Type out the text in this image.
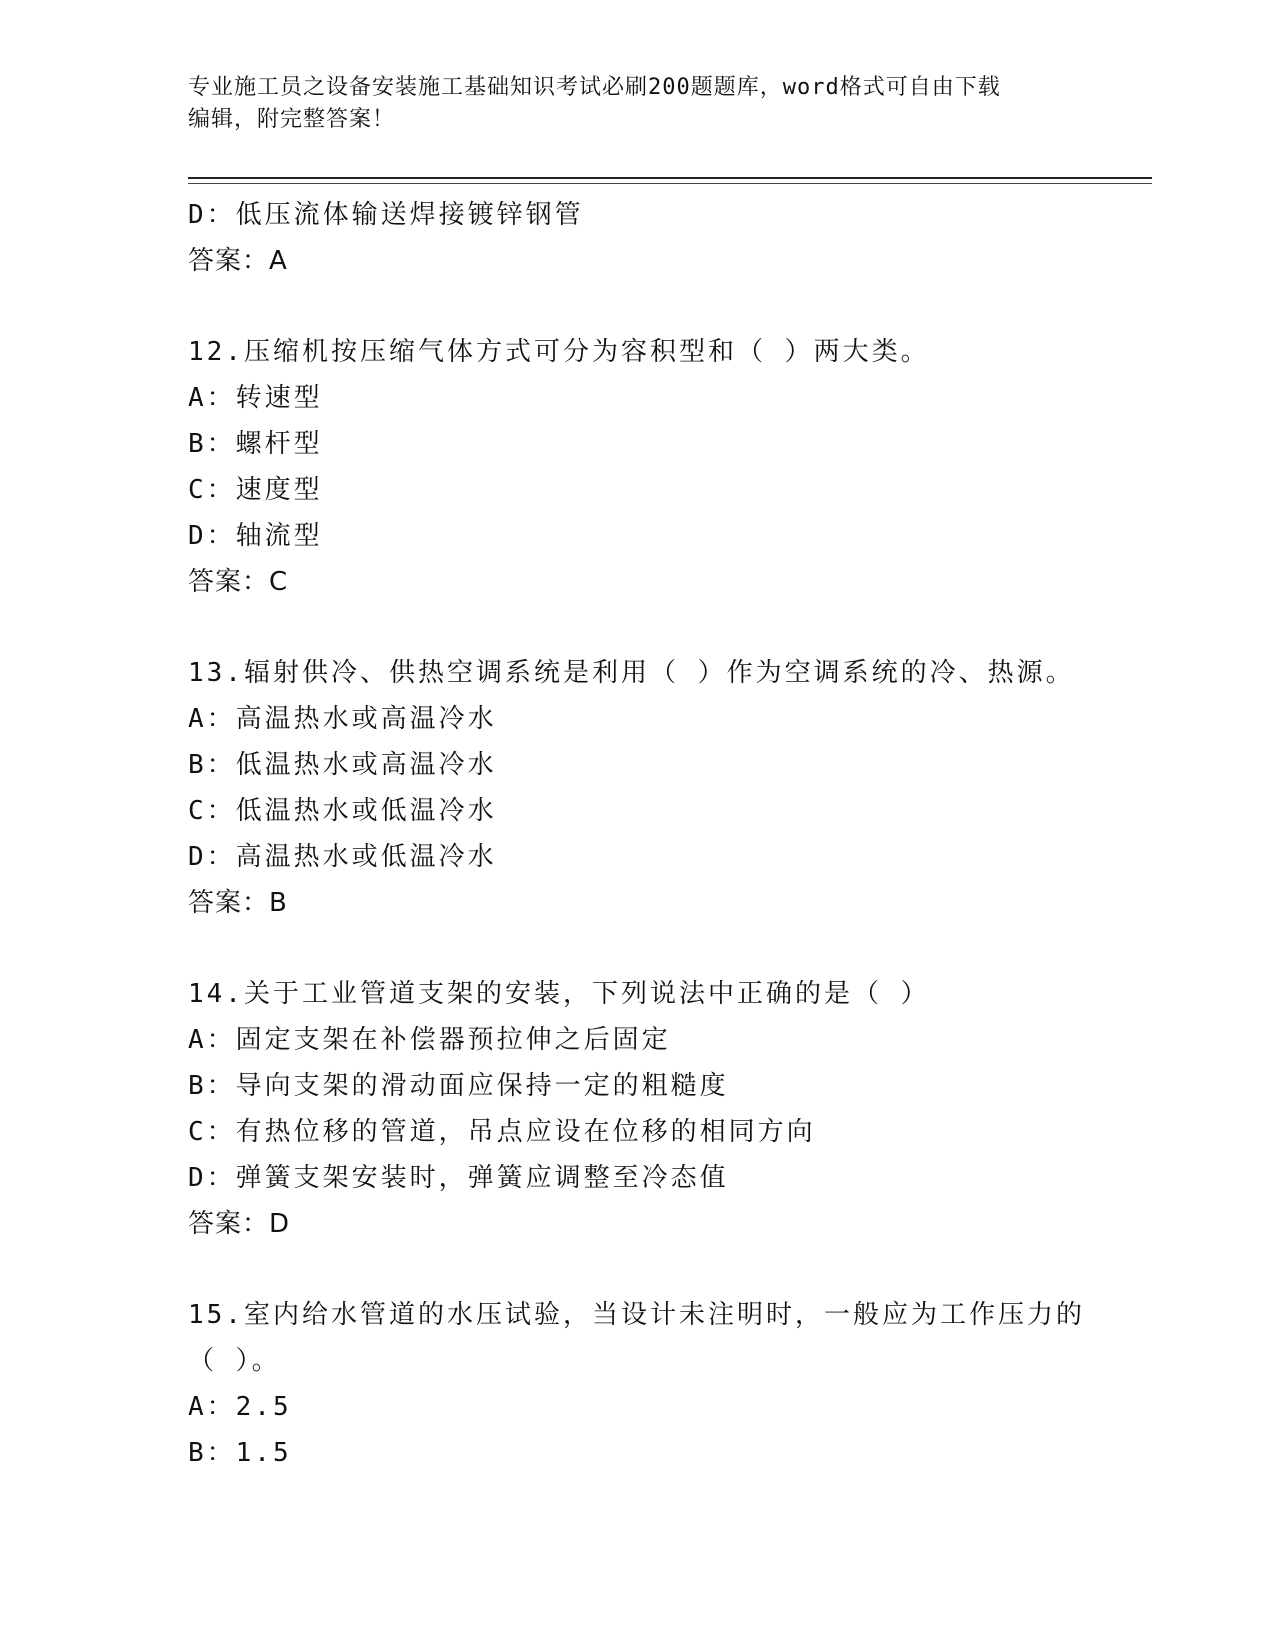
专业施工员之设备安装施工基础知识考试必刷200题题库，word格式可自由下载
编辑，附完整答案！
D：低压流体输送焊接镀锌钢管
答案：A
12.压缩机按压缩气体方式可分为容积型和（ ）两大类。
A：转速型
B：螺杆型
C：速度型
D：轴流型
答案：C
13.辐射供冷、供热空调系统是利用（ ）作为空调系统的冷、热源。
A：高温热水或高温冷水
B：低温热水或高温冷水
C：低温热水或低温冷水
D：高温热水或低温冷水
答案：B
14.关于工业管道支架的安装，下列说法中正确的是（ ）
A：固定支架在补偿器预拉伸之后固定
B：导向支架的滑动面应保持一定的粗糙度
C：有热位移的管道，吊点应设在位移的相同方向
D：弹簧支架安装时，弹簧应调整至冷态值
答案：D
15.室内给水管道的水压试验，当设计未注明时，一般应为工作压力的
（ ）。
A：2.5
B：1.5
